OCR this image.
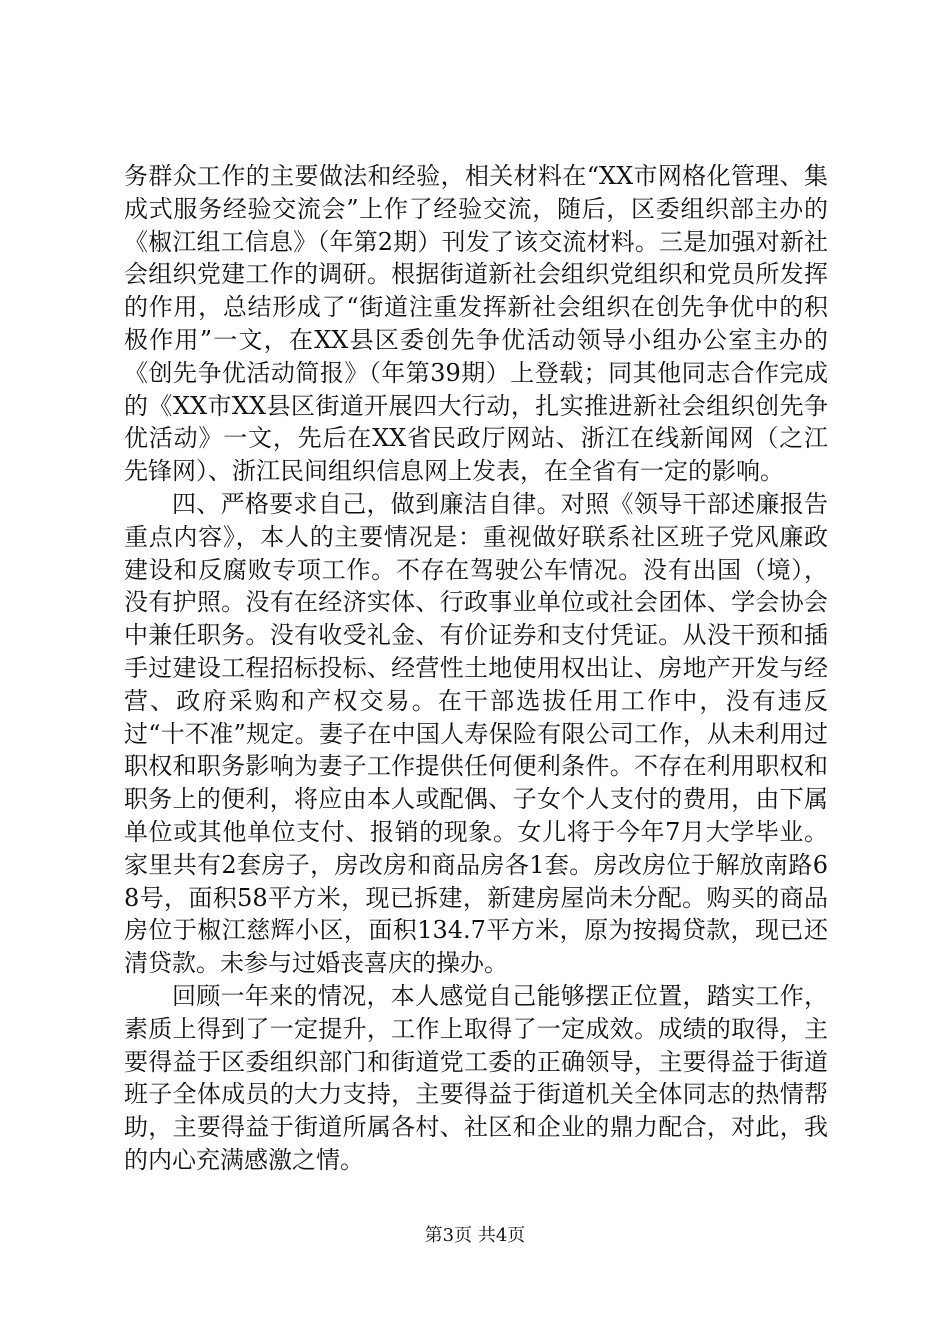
务群众工作的主要做法和经验，相关材料在“XX市网格化管理、集成式服务经验交流会”上作了经验交流，随后，区委组织部主办的《椒江组工信息》（年第2期）刊发了该交流材料。三是加强对新社会组织党建工作的调研。根据街道新社会组织党组织和党员所发挥的作用，总结形成了“街道注重发挥新社会组织在创先争优中的积极作用”一文，在XX县区委创先争优活动领导小组办公室主办的《创先争优活动简报》（年第39期）上登载；同其他同志合作完成的《XX市XX县区街道开展四大行动，扎实推进新社会组织创先争优活动》一文，先后在XX省民政厅网站、浙江在线新闻网（之江先锋网）、浙江民间组织信息网上发表，在全省有一定的影响。

四、严格要求自己，做到廉洁自律。对照《领导干部述廉报告重点内容》，本人的主要情况是：重视做好联系社区班子党风廉政建设和反腐败专项工作。不存在驾驶公车情况。没有出国（境），没有护照。没有在经济实体、行政事业单位或社会团体、学会协会中兼任职务。没有收受礼金、有价证券和支付凭证。从没干预和插手过建设工程招标投标、经营性土地使用权出让、房地产开发与经营、政府采购和产权交易。在干部选拔任用工作中，没有违反过“十不准”规定。妻子在中国人寿保险有限公司工作，从未利用过职权和职务影响为妻子工作提供任何便利条件。不存在利用职权和职务上的便利，将应由本人或配偶、子女个人支付的费用，由下属单位或其他单位支付、报销的现象。女儿将于今年7月大学毕业。家里共有2套房子，房改房和商品房各1套。房改房位于解放南路68号，面积58平方米，现已拆建，新建房屋尚未分配。购买的商品房位于椒江慈辉小区，面积134.7平方米，原为按揭贷款，现已还清贷款。未参与过婚丧喜庆的操办。

回顾一年来的情况，本人感觉自己能够摆正位置，踏实工作，素质上得到了一定提升，工作上取得了一定成效。成绩的取得，主要得益于区委组织部门和街道党工委的正确领导，主要得益于街道班子全体成员的大力支持，主要得益于街道机关全体同志的热情帮助，主要得益于街道所属各村、社区和企业的鼎力配合，对此，我的内心充满感激之情。

第3页 共4页
